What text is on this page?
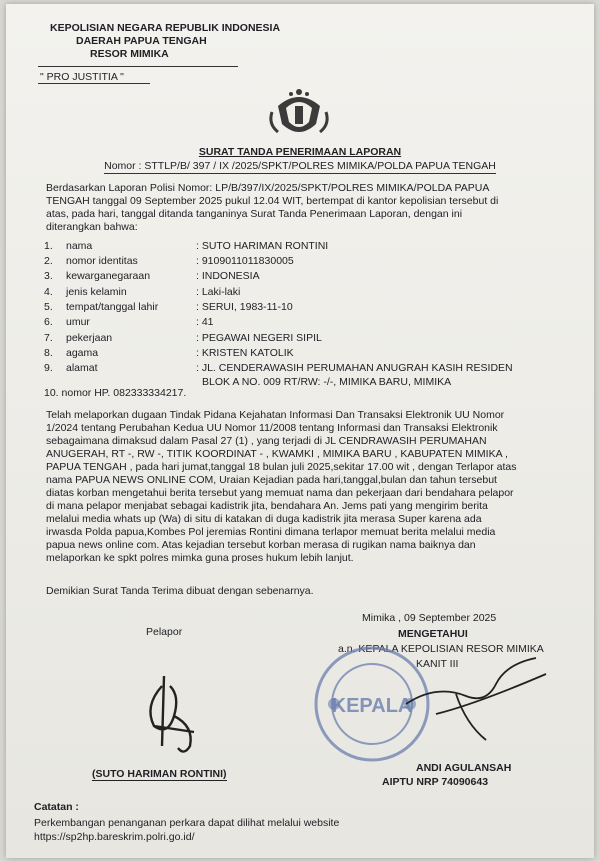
KEPOLISIAN NEGARA REPUBLIK INDONESIA
DAERAH PAPUA TENGAH
RESOR MIMIKA
" PRO JUSTITIA "
SURAT TANDA PENERIMAAN LAPORAN
Nomor : STTLP/B/ 397 / IX /2025/SPKT/POLRES MIMIKA/POLDA PAPUA TENGAH
Berdasarkan Laporan Polisi Nomor: LP/B/397/IX/2025/SPKT/POLRES MIMIKA/POLDA PAPUA
TENGAH tanggal 09 September 2025 pukul 12.04 WIT, bertempat di kantor kepolisian tersebut di
atas, pada hari, tanggal ditanda tanganinya Surat Tanda Penerimaan Laporan, dengan ini
diterangkan bahwa:
1. nama	: SUTO HARIMAN RONTINI
2. nomor identitas	: 9109011011830005
3. kewarganegaraan	: INDONESIA
4. jenis kelamin	: Laki-laki
5. tempat/tanggal lahir	: SERUI, 1983-11-10
6. umur	: 41
7. pekerjaan	: PEGAWAI NEGERI SIPIL
8. agama	: KRISTEN KATOLIK
9. alamat	: JL. CENDERAWASIH PERUMAHAN ANUGRAH KASIH RESIDEN
BLOK A NO. 009 RT/RW: -/-, MIMIKA BARU, MIMIKA
10. nomor HP. 082333334217.
Telah melaporkan dugaan Tindak Pidana Kejahatan Informasi Dan Transaksi Elektronik UU Nomor
1/2024 tentang Perubahan Kedua UU Nomor 11/2008 tentang Informasi dan Transaksi Elektronik
sebagaimana dimaksud dalam Pasal 27 (1) , yang terjadi di JL CENDRAWASIH PERUMAHAN
ANUGERAH, RT -, RW -, TITIK KOORDINAT - , KWAMKI , MIMIKA BARU , KABUPATEN MIMIKA ,
PAPUA TENGAH , pada hari jumat,tanggal 18 bulan juli 2025,sekitar 17.00 wit , dengan Terlapor atas
nama PAPUA NEWS ONLINE COM, Uraian Kejadian pada hari,tanggal,bulan dan tahun tersebut
diatas korban mengetahui berita tersebut yang memuat nama dan pekerjaan dari bendahara pelapor
di mana pelapor menjabat sebagai kadistrik jita, bendahara An. Jems pati yang mengirim berita
melalui media whats up (Wa) di situ di katakan di duga kadistrik jita merasa Super karena ada
irwasda Polda papua,Kombes Pol jeremias Rontini dimana terlapor memuat berita melalui media
papua news online com. Atas kejadian tersebut korban merasa di rugikan nama baiknya dan
melaporkan ke spkt polres mimka guna proses hukum lebih lanjut.
Demikian Surat Tanda Terima dibuat dengan sebenarnya.
Mimika , 09 September 2025
Pelapor	MENGETAHUI
a.n. KEPALA KEPOLISIAN RESOR MIMIKA
KANIT III
KEPALA
(SUTO HARIMAN RONTINI)	ANDI AGULANSAH
AIPTU NRP 74090643
Catatan :
Perkembangan penanganan perkara dapat dilihat melalui website
https://sp2hp.bareskrim.polri.go.id/
